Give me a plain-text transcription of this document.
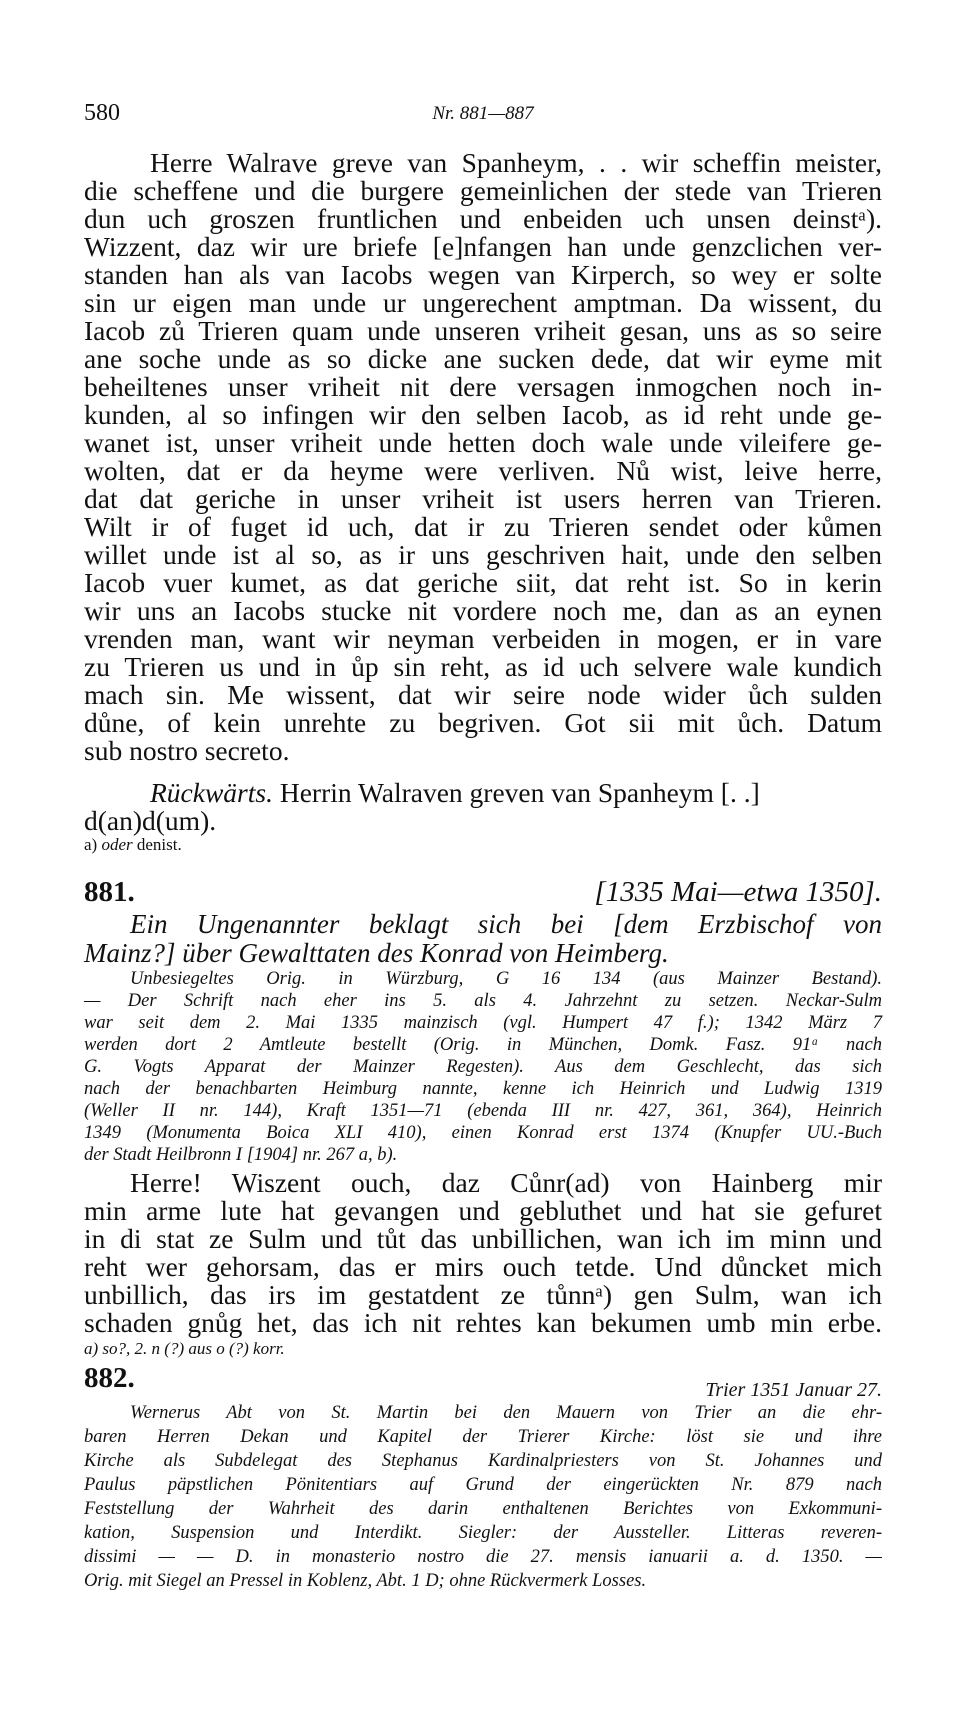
580	Nr. 881—887
Herre Walrave greve van Spanheym, . . wir scheffin meister,
die scheffene und die burgere gemeinlichen der stede van Trieren
dun uch groszen fruntlichen und enbeiden uch unsen deinstᵃ).
Wizzent, daz wir ure briefe [e]nfangen han unde genzclichen ver-
standen han als van Iacobs wegen van Kirperch, so wey er solte
sin ur eigen man unde ur ungerechent amptman. Da wissent, du
Iacob zů Trieren quam unde unseren vriheit gesan, uns as so seire
ane soche unde as so dicke ane sucken dede, dat wir eyme mit
beheiltenes unser vriheit nit dere versagen inmogchen noch in-
kunden, al so infingen wir den selben Iacob, as id reht unde ge-
wanet ist, unser vriheit unde hetten doch wale unde vileifere ge-
wolten, dat er da heyme were verliven. Nů wist, leive herre,
dat dat geriche in unser vriheit ist users herren van Trieren.
Wilt ir of fuget id uch, dat ir zu Trieren sendet oder kůmen
willet unde ist al so, as ir uns geschriven hait, unde den selben
Iacob vuer kumet, as dat geriche siit, dat reht ist. So in kerin
wir uns an Iacobs stucke nit vordere noch me, dan as an eynen
vrenden man, want wir neyman verbeiden in mogen, er in vare
zu Trieren us und in ůp sin reht, as id uch selvere wale kundich
mach sin. Me wissent, dat wir seire node wider ůch sulden
důne, of kein unrehte zu begriven. Got sii mit ůch. Datum
sub nostro secreto.
Rückwärts. Herrin Walraven greven van Spanheym [. .]
d(an)d(um).
a) oder denist.
881.	[1335 Mai—etwa 1350].
Ein Ungenannter beklagt sich bei [dem Erzbischof von
Mainz?] über Gewalttaten des Konrad von Heimberg.
Unbesiegeltes Orig. in Würzburg, G 16 134 (aus Mainzer Bestand).
— Der Schrift nach eher ins 5. als 4. Jahrzehnt zu setzen. Neckar-Sulm
war seit dem 2. Mai 1335 mainzisch (vgl. Humpert 47 f.); 1342 März 7
werden dort 2 Amtleute bestellt (Orig. in München, Domk. Fasz. 91ᵃ nach
G. Vogts Apparat der Mainzer Regesten). Aus dem Geschlecht, das sich
nach der benachbarten Heimburg nannte, kenne ich Heinrich und Ludwig 1319
(Weller II nr. 144), Kraft 1351—71 (ebenda III nr. 427, 361, 364), Heinrich
1349 (Monumenta Boica XLI 410), einen Konrad erst 1374 (Knupfer UU.-Buch
der Stadt Heilbronn I [1904] nr. 267 a, b).
Herre! Wiszent ouch, daz Cůnr(ad) von Hainberg mir
min arme lute hat gevangen und gebluthet und hat sie gefuret
in di stat ze Sulm und tůt das unbillichen, wan ich im minn und
reht wer gehorsam, das er mirs ouch tetde. Und důncket mich
unbillich, das irs im gestatdent ze tůnnᵃ) gen Sulm, wan ich
schaden gnůg het, das ich nit rehtes kan bekumen umb min erbe.
a) so?, 2. n (?) aus o (?) korr.
882.	Trier 1351 Januar 27.
Wernerus Abt von St. Martin bei den Mauern von Trier an die ehr-
baren Herren Dekan und Kapitel der Trierer Kirche: löst sie und ihre
Kirche als Subdelegat des Stephanus Kardinalpriesters von St. Johannes und
Paulus päpstlichen Pönitentiars auf Grund der eingerückten Nr. 879 nach
Feststellung der Wahrheit des darin enthaltenen Berichtes von Exkommuni-
kation, Suspension und Interdikt. Siegler: der Aussteller. Litteras reveren-
dissimi — — D. in monasterio nostro die 27. mensis ianuarii a. d. 1350. —
Orig. mit Siegel an Pressel in Koblenz, Abt. 1 D; ohne Rückvermerk Losses.
